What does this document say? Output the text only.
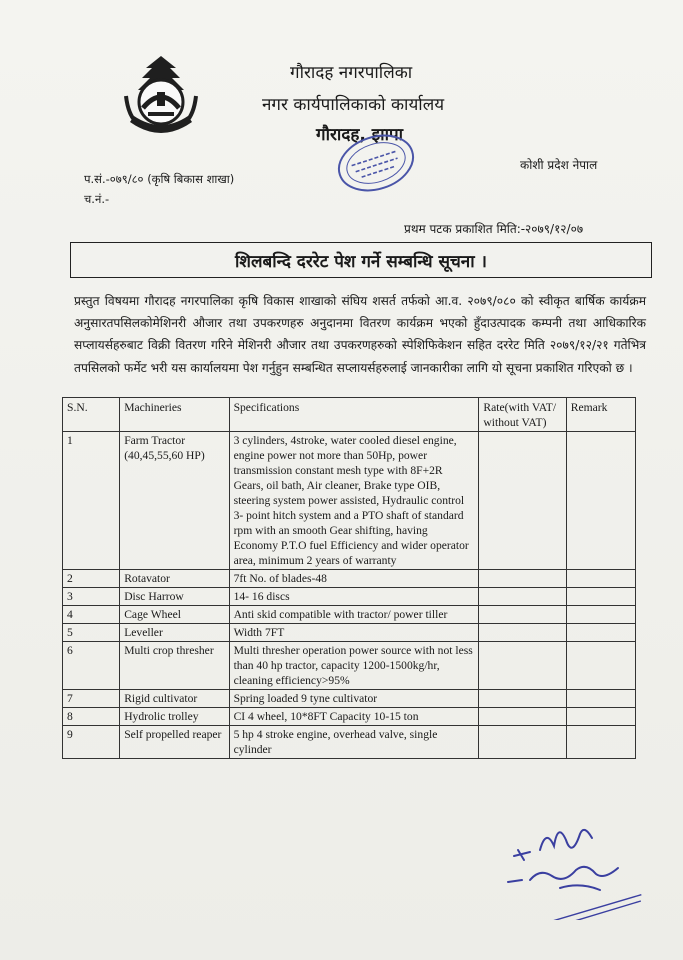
गौरादह नगरपालिका
नगर कार्यपालिकाको कार्यालय
गौरादह, झापा
कोशी प्रदेश नेपाल
प.सं.-०७९/८० (कृषि बिकास शाखा)
च.नं.-
प्रथम पटक प्रकाशित मिति:-२०७९/१२/०७
शिलबन्दि दररेट पेश गर्ने सम्बन्धि सूचना ।
प्रस्तुत विषयमा गौरादह नगरपालिका कृषि विकास शाखाको संघिय शसर्त तर्फको आ.व. २०७९/०८० को स्वीकृत बार्षिक कार्यक्रम अनुसारतपसिलकोमेशिनरी औजार तथा उपकरणहरु अनुदानमा वितरण कार्यक्रम भएको हुँदाउत्पादक कम्पनी तथा आधिकारिक सप्लायर्सहरुबाट विक्री वितरण गरिने मेशिनरी औजार तथा उपकरणहरुको स्पेशिफिकेशन सहित दररेट मिति २०७९/१२/२१ गतेभित्र तपसिलको फर्मेट भरी यस कार्यालयमा पेश गर्नुहुन सम्बन्धित सप्लायर्सहरुलाई जानकारीका लागि यो सूचना प्रकाशित गरिएको छ ।
S.N.	Machineries	Specifications	Rate(with VAT/ without VAT)	Remark
1	Farm Tractor (40,45,55,60 HP)	3 cylinders, 4stroke, water cooled diesel engine, engine power not more than 50Hp, power transmission constant mesh type with 8F+2R Gears, oil bath, Air cleaner, Brake type OIB, steering system power assisted, Hydraulic control 3- point hitch system and a PTO shaft of standard rpm with an smooth Gear shifting, having Economy P.T.O fuel Efficiency and wider operator area, minimum 2 years of warranty		
2	Rotavator	7ft No. of blades-48		
3	Disc Harrow	14- 16 discs		
4	Cage Wheel	Anti skid compatible with tractor/ power tiller		
5	Leveller	Width 7FT		
6	Multi crop thresher	Multi thresher operation power source with not less than 40 hp tractor, capacity 1200-1500kg/hr, cleaning efficiency>95%		
7	Rigid cultivator	Spring loaded 9 tyne cultivator		
8	Hydrolic trolley	CI 4 wheel, 10*8FT Capacity 10-15 ton		
9	Self propelled reaper	5 hp 4 stroke engine, overhead valve, single cylinder		
